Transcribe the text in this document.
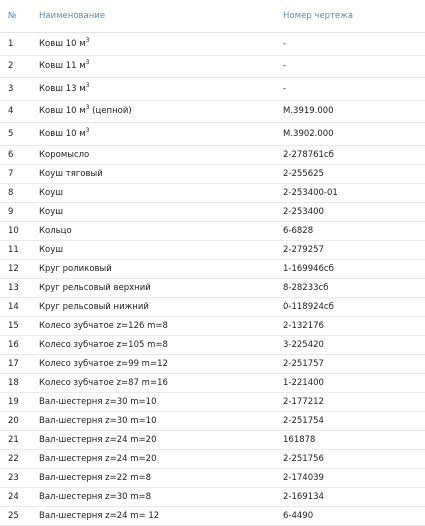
№	Наименование	Номер чертежа
1	Ковш 10 $м^3$	-
2	Ковш 11 $м^3$	-
3	Ковш 13 $м^3$	-
4	Ковш 10 $м^3$ (цепной)	М.3919.000
5	Ковш 10 $м^3$	М.3902.000
6	Коромысло	2-278761сб
7	Коуш тяговый	2-255625
8	Коуш	2-253400-01
9	Коуш	2-253400
10	Кольцо	6-6828
11	Коуш	2-279257
12	Круг роликовый	1-169946сб
13	Круг рельсовый верхний	8-28233сб
14	Круг рельсовый нижний	0-118924сб
15	Колесо зубчатое z=126 m=8	2-132176
16	Колесо зубчатое z=105 m=8	3-225420
17	Колесо зубчатое z=99 m=12	2-251757
18	Колесо зубчатое z=87 m=16	1-221400
19	Вал-шестерня z=30 m=10	2-177212
20	Вал-шестерня z=30 m=10	2-251754
21	Вал-шестерня z=24 m=20	161878
22	Вал-шестерня z=24 m=20	2-251756
23	Вал-шестерня z=22 m=8	2-174039
24	Вал-шестерня z=30 m=8	2-169134
25	Вал-шестерня z=24 m= 12	6-4490
